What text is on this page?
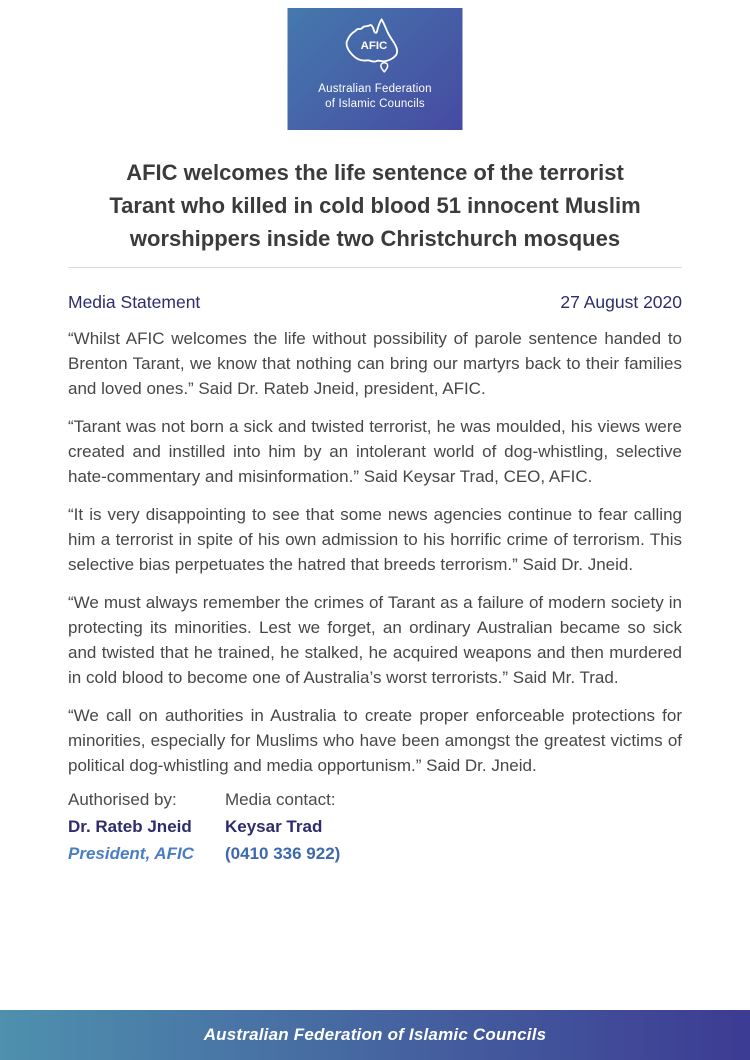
AFIC
Australian Federation
of Islamic Councils
AFIC welcomes the life sentence of the terrorist
Tarant who killed in cold blood 51 innocent Muslim
worshippers inside two Christchurch mosques
Media Statement	27 August 2020

“Whilst AFIC welcomes the life without possibility of parole sentence handed to Brenton Tarant, we know that nothing can bring our martyrs back to their families and loved ones.” Said Dr. Rateb Jneid, president, AFIC.

“Tarant was not born a sick and twisted terrorist, he was moulded, his views were created and instilled into him by an intolerant world of dog-whistling, selective hate-commentary and misinformation.” Said Keysar Trad, CEO, AFIC.

“It is very disappointing to see that some news agencies continue to fear calling him a terrorist in spite of his own admission to his horrific crime of terrorism. This selective bias perpetuates the hatred that breeds terrorism.” Said Dr. Jneid.

“We must always remember the crimes of Tarant as a failure of modern society in protecting its minorities. Lest we forget, an ordinary Australian became so sick and twisted that he trained, he stalked, he acquired weapons and then murdered in cold blood to become one of Australia’s worst terrorists.” Said Mr. Trad.

“We call on authorities in Australia to create proper enforceable protections for minorities, especially for Muslims who have been amongst the greatest victims of political dog-whistling and media opportunism.” Said Dr. Jneid.

Authorised by:
Dr. Rateb Jneid
President, AFIC
Media contact:
Keysar Trad
(0410 336 922)
Australian Federation of Islamic Councils
